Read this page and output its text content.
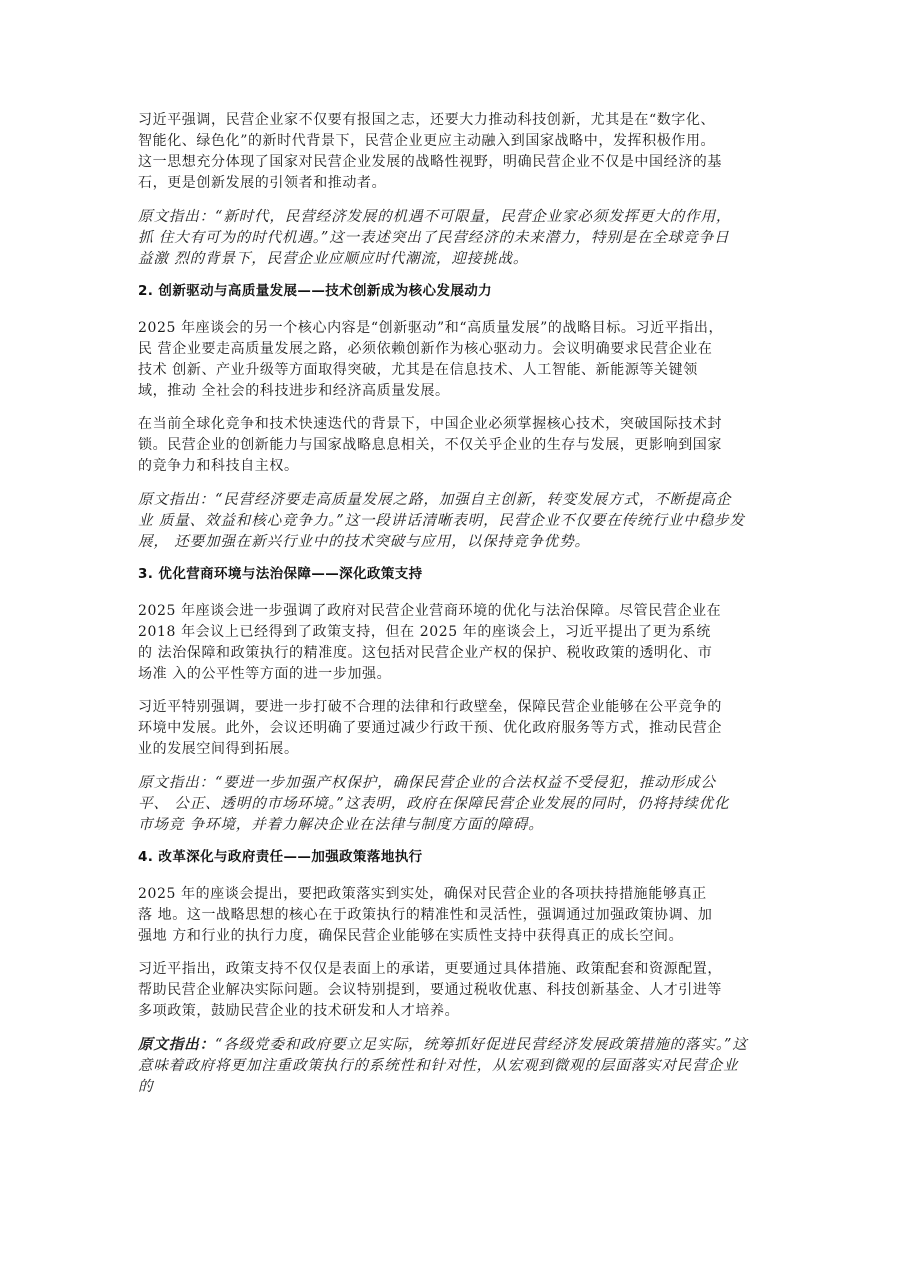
习近平强调，民营企业家不仅要有报国之志，还要大力推动科技创新，尤其是在“数字化、
智能化、绿色化”的新时代背景下，民营企业更应主动融入到国家战略中，发挥积极作用。
这一思想充分体现了国家对民营企业发展的战略性视野，明确民营企业不仅是中国经济的基
石，更是创新发展的引领者和推动者。

原文指出：“新时代，民营经济发展的机遇不可限量，民营企业家必须发挥更大的作用，
抓 住大有可为的时代机遇。”这一表述突出了民营经济的未来潜力，特别是在全球竞争日
益激 烈的背景下，民营企业应顺应时代潮流，迎接挑战。

2. 创新驱动与高质量发展——技术创新成为核心发展动力

2025 年座谈会的另一个核心内容是“创新驱动”和“高质量发展”的战略目标。习近平指出，
民 营企业要走高质量发展之路，必须依赖创新作为核心驱动力。会议明确要求民营企业在
技术 创新、产业升级等方面取得突破，尤其是在信息技术、人工智能、新能源等关键领
域，推动 全社会的科技进步和经济高质量发展。

在当前全球化竞争和技术快速迭代的背景下，中国企业必须掌握核心技术，突破国际技术封
锁。民营企业的创新能力与国家战略息息相关，不仅关乎企业的生存与发展，更影响到国家
的竞争力和科技自主权。

原文指出：“民营经济要走高质量发展之路，加强自主创新，转变发展方式，不断提高企
业 质量、效益和核心竞争力。”这一段讲话清晰表明，民营企业不仅要在传统行业中稳步发
展， 还要加强在新兴行业中的技术突破与应用，以保持竞争优势。

3. 优化营商环境与法治保障——深化政策支持

2025 年座谈会进一步强调了政府对民营企业营商环境的优化与法治保障。尽管民营企业在
2018 年会议上已经得到了政策支持，但在 2025 年的座谈会上，习近平提出了更为系统
的 法治保障和政策执行的精准度。这包括对民营企业产权的保护、税收政策的透明化、市
场准 入的公平性等方面的进一步加强。

习近平特别强调，要进一步打破不合理的法律和行政壁垒，保障民营企业能够在公平竞争的
环境中发展。此外，会议还明确了要通过减少行政干预、优化政府服务等方式，推动民营企
业的发展空间得到拓展。

原文指出：“要进一步加强产权保护，确保民营企业的合法权益不受侵犯，推动形成公
平、 公正、透明的市场环境。”这表明，政府在保障民营企业发展的同时，仍将持续优化
市场竞 争环境，并着力解决企业在法律与制度方面的障碍。

4. 改革深化与政府责任——加强政策落地执行

2025 年的座谈会提出，要把政策落实到实处，确保对民营企业的各项扶持措施能够真正
落 地。这一战略思想的核心在于政策执行的精准性和灵活性，强调通过加强政策协调、加
强地 方和行业的执行力度，确保民营企业能够在实质性支持中获得真正的成长空间。

习近平指出，政策支持不仅仅是表面上的承诺，更要通过具体措施、政策配套和资源配置，
帮助民营企业解决实际问题。会议特别提到，要通过税收优惠、科技创新基金、人才引进等
多项政策，鼓励民营企业的技术研发和人才培养。

原文指出：“各级党委和政府要立足实际，统筹抓好促进民营经济发展政策措施的落实。”这
意味着政府将更加注重政策执行的系统性和针对性，从宏观到微观的层面落实对民营企业
的
